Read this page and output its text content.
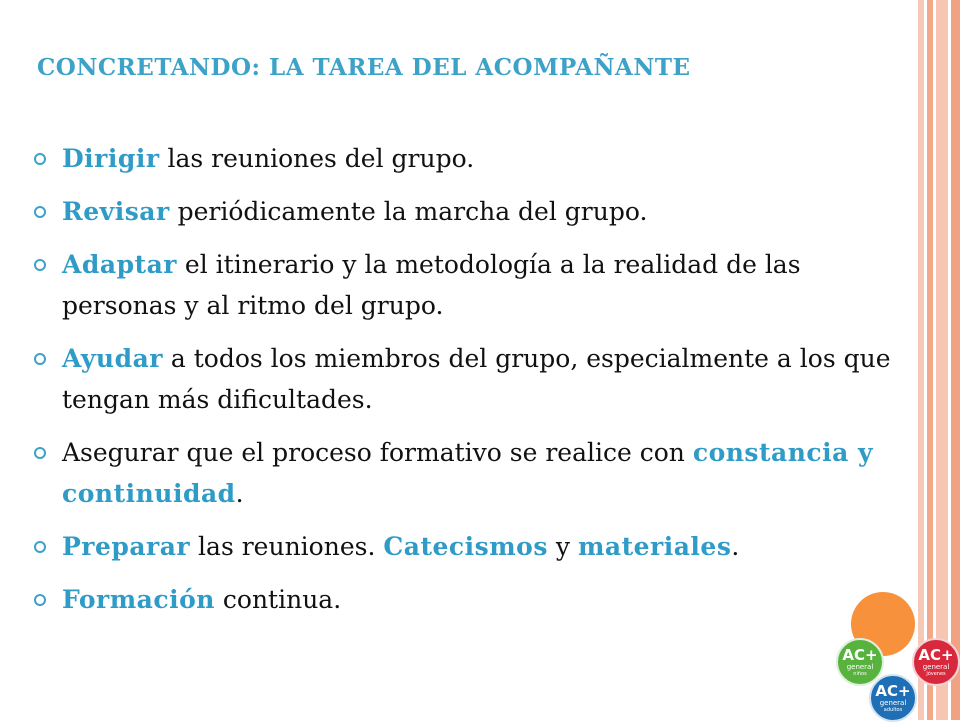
CONCRETANDO: LA TAREA DEL ACOMPAÑANTE
Dirigir las reuniones del grupo.
Revisar periódicamente la marcha del grupo.
Adaptar el itinerario y la metodología a la realidad de las personas y al ritmo del grupo.
Ayudar a todos los miembros del grupo, especialmente a los que tengan más dificultades.
Asegurar que el proceso formativo se realice con constancia y continuidad.
Preparar las reuniones. Catecismos y materiales.
Formación continua.
AC+
general
niños
AC+
general
jóvenes
AC+
general
adultos
